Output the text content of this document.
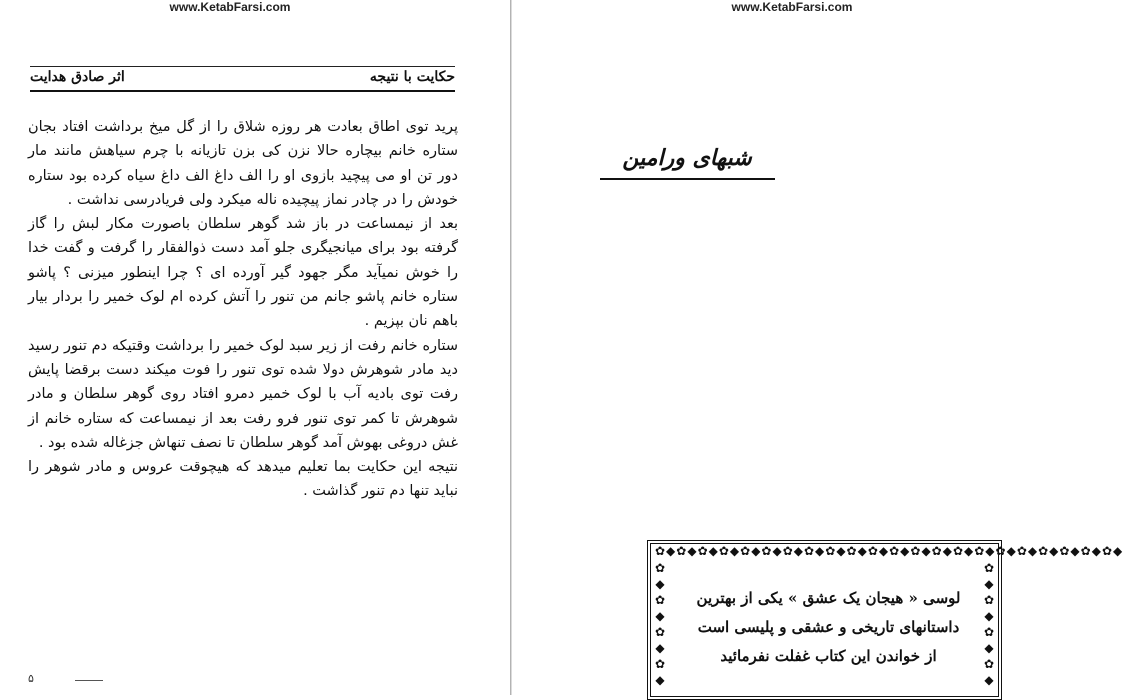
www.KetabFarsi.com
اثر صادق هدایت	حکایت با نتیجه

پرید توی اطاق بعادت هر روزه شلاق را از گل میخ برداشت افتاد بجان ستاره خانم بیچاره حالا نزن کی بزن تازیانه با چرم سیاهش مانند مار دور تن او می پیچید بازوی او را الف داغ الف داغ سیاه کرده بود ستاره خودش را در چادر نماز پیچیده ناله میکرد ولی فریادرسی نداشت .

بعد از نیمساعت در باز شد گوهر سلطان باصورت مکار لبش را گاز گرفته بود برای میانجیگری جلو آمد دست ذوالفقار را گرفت و گفت خدا را خوش نمیآید مگر جهود گیر آورده ای ؟ چرا اینطور میزنی ؟ پاشو ستاره خانم پاشو جانم من تنور را آتش کرده ام لوک خمیر را بردار بیار باهم نان بپزیم .

ستاره خانم رفت از زیر سبد لوک خمیر را برداشت وقتیکه دم تنور رسید دید مادر شوهرش دولا شده توی تنور را فوت میکند دست برقضا پایش رفت توی بادیه آب با لوک خمیر دمرو افتاد روی گوهر سلطان و مادر شوهرش تا کمر توی تنور فرو رفت بعد از نیمساعت که ستاره خانم از غش دروغی بهوش آمد گوهر سلطان تا نصف تنهاش جزغاله شده بود .

نتیجه این حکایت بما تعلیم میدهد که هیچوقت عروس و مادر شوهر را نباید تنها دم تنور گذاشت .

۵
www.KetabFarsi.com
شبهای ورامین
✿◆✿◆✿◆✿◆✿◆✿◆✿◆✿◆✿◆✿◆✿◆✿◆✿◆✿◆✿◆✿◆✿◆✿◆✿◆✿◆✿◆✿◆
✿
◆
✿
◆
✿
◆
✿
◆
✿
◆
✿
◆
✿
◆
✿
◆
لوسی « هیجان یک عشق » یکی از بهترین
داستانهای تاریخی و عشقی و پلیسی است
از خواندن این کتاب غفلت نفرمائید
